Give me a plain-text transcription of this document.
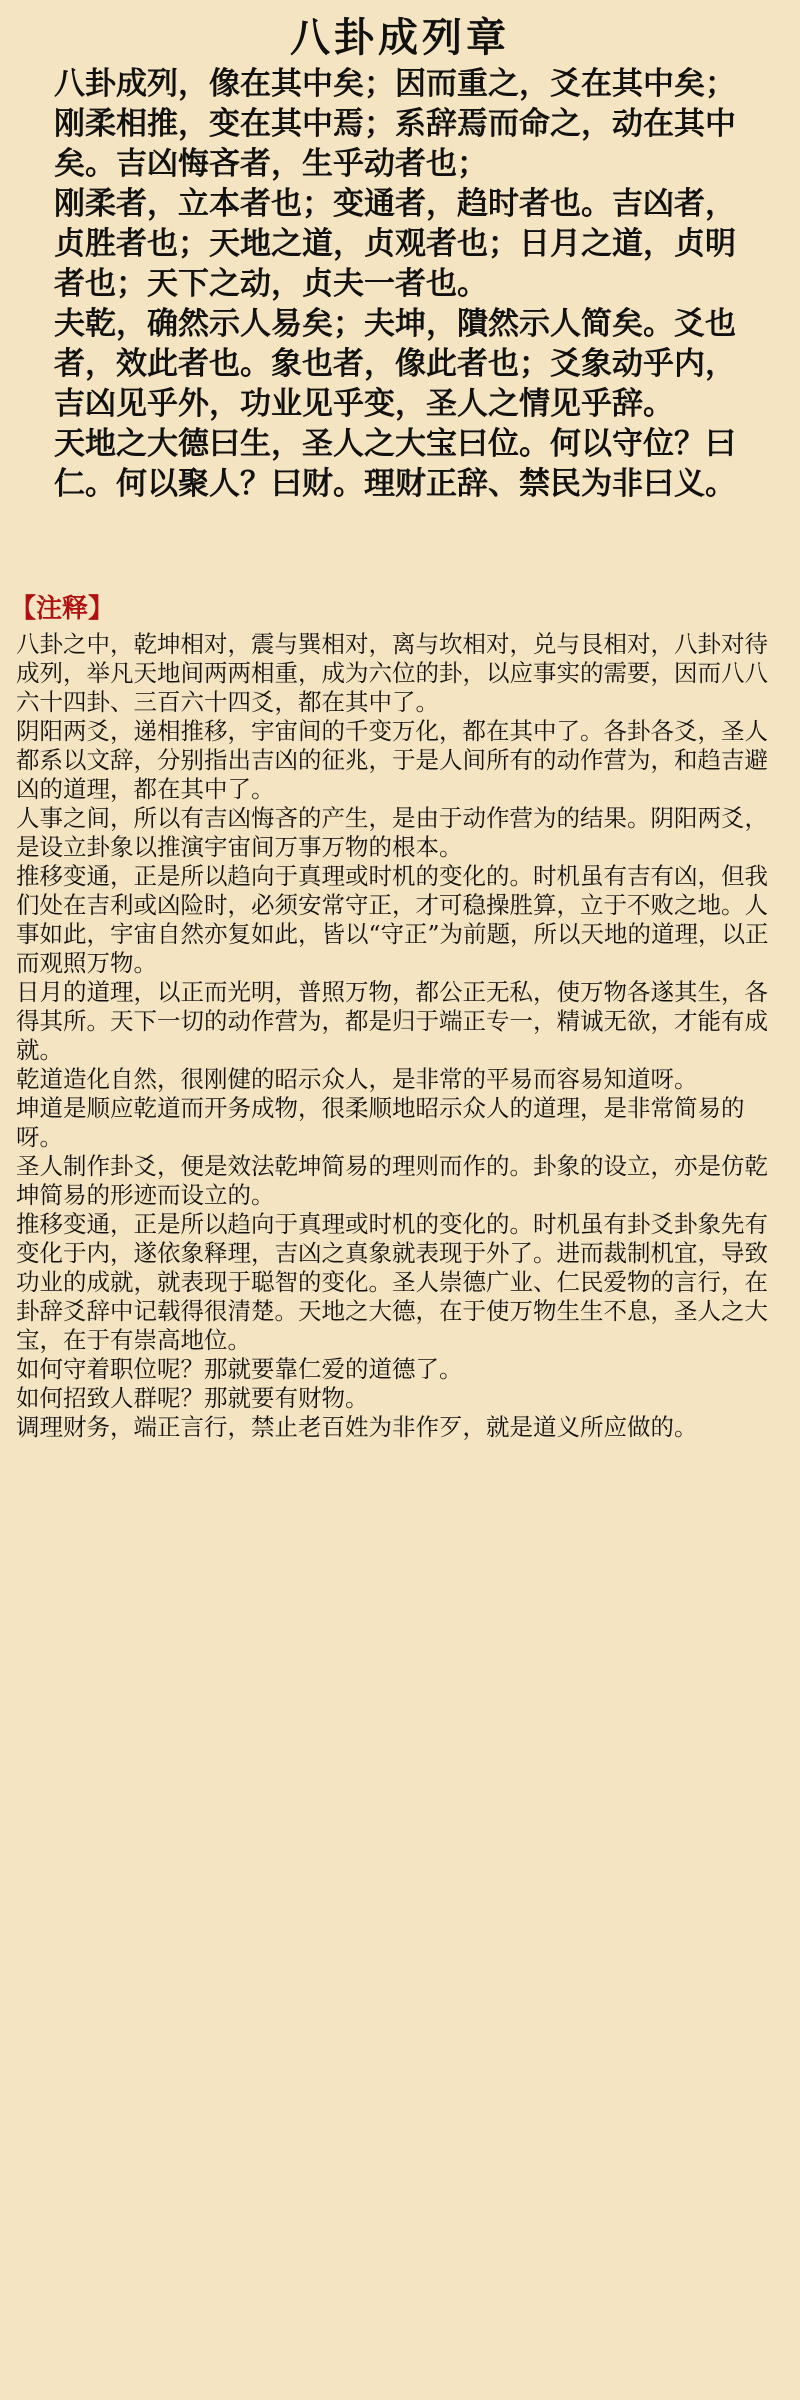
八卦成列章

八卦成列，像在其中矣；因而重之，爻在其中矣；刚柔相推，变在其中焉；系辞焉而命之，动在其中矣。吉凶悔吝者，生乎动者也；

刚柔者，立本者也；变通者，趋时者也。吉凶者，贞胜者也；天地之道，贞观者也；日月之道，贞明者也；天下之动，贞夫一者也。

夫乾，确然示人易矣；夫坤，隤然示人简矣。爻也者，效此者也。象也者，像此者也；爻象动乎内，吉凶见乎外，功业见乎变，圣人之情见乎辞。

天地之大德曰生，圣人之大宝曰位。何以守位？曰仁。何以聚人？曰财。理财正辞、禁民为非曰义。

【注释】

八卦之中，乾坤相对，震与巽相对，离与坎相对，兑与艮相对，八卦对待成列，举凡天地间两两相重，成为六位的卦，以应事实的需要，因而八八六十四卦、三百六十四爻，都在其中了。

阴阳两爻，递相推移，宇宙间的千变万化，都在其中了。各卦各爻，圣人都系以文辞，分别指出吉凶的征兆，于是人间所有的动作营为，和趋吉避凶的道理，都在其中了。

人事之间，所以有吉凶悔吝的产生，是由于动作营为的结果。阴阳两爻，是设立卦象以推演宇宙间万事万物的根本。

推移变通，正是所以趋向于真理或时机的变化的。时机虽有吉有凶，但我们处在吉利或凶险时，必须安常守正，才可稳操胜算，立于不败之地。人事如此，宇宙自然亦复如此，皆以“守正”为前题，所以天地的道理，以正而观照万物。

日月的道理，以正而光明，普照万物，都公正无私，使万物各遂其生，各得其所。天下一切的动作营为，都是归于端正专一，精诚无欲，才能有成就。

乾道造化自然，很刚健的昭示众人，是非常的平易而容易知道呀。

坤道是顺应乾道而开务成物，很柔顺地昭示众人的道理，是非常简易的呀。

圣人制作卦爻，便是效法乾坤简易的理则而作的。卦象的设立，亦是仿乾坤简易的形迹而设立的。

推移变通，正是所以趋向于真理或时机的变化的。时机虽有卦爻卦象先有变化于内，遂依象释理，吉凶之真象就表现于外了。进而裁制机宜，导致功业的成就，就表现于聪智的变化。圣人崇德广业、仁民爱物的言行，在卦辞爻辞中记载得很清楚。天地之大德，在于使万物生生不息，圣人之大宝，在于有崇高地位。

如何守着职位呢？那就要靠仁爱的道德了。

如何招致人群呢？那就要有财物。

调理财务，端正言行，禁止老百姓为非作歹，就是道义所应做的。
